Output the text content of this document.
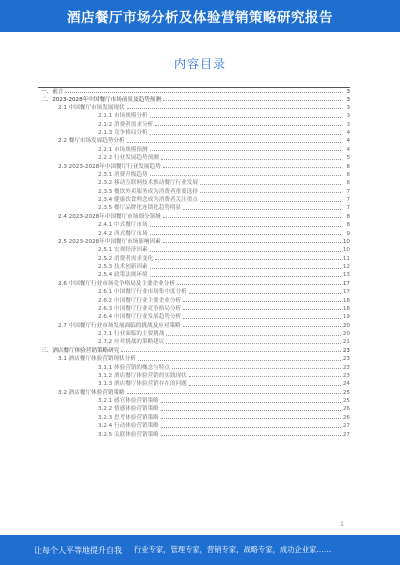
酒店餐厅市场分析及体验营销策略研究报告
内容目录
一、前言	3
二、2023-2028年中国餐厅市场前景及趋势预测	3
2.1 中国餐厅市场发展现状	3
2.1.1 市场规模分析	3
2.1.2 消费者需求分析	3
2.1.3 竞争格局分析	4
2.2 餐厅市场发展趋势分析	4
2.2.1 市场规模预测	4
2.2.2 行业发展趋势预测	5
2.3 2023-2028年中国餐厅行业发展趋势	6
2.3.1 消费升级趋势	6
2.3.2 移动互联网技术推动餐厅行业发展	6
2.3.3 餐饮外卖服务成为消费者重要选择	7
2.3.4 健康饮食理念成为消费者关注重点	7
2.3.5 餐厅品牌化连锁化趋势明显	7
2.4 2023-2028年中国餐厅市场细分领域	8
2.4.1 中式餐厅市场	8
2.4.2 西式餐厅市场	9
2.5 2023-2028年中国餐厅市场影响因素	10
2.5.1 宏观经济因素	10
2.5.2 消费者需求变化	11
2.5.3 技术创新因素	12
2.5.4 政策法规环境	13
2.6 中国餐厅行业市场竞争格局及主要企业分析	17
2.6.1 中国餐厅行业市场集中度分析	17
2.6.2 中国餐厅行业主要企业分析	18
2.6.3 中国餐厅行业竞争格局分析	18
2.6.4 中国餐厅行业发展趋势分析	19
2.7 中国餐厅行业市场发展面临的挑战及应对策略	20
2.7.1 行业面临的主要挑战	20
2.7.2 应对挑战的策略建议	21
三、酒店餐厅体验营销策略研究	23
3.1 酒店餐厅体验营销现状分析	23
3.1.1 体验营销的概念与特点	23
3.1.2 酒店餐厅体验营销的实践现状	23
3.1.3 酒店餐厅体验营销存在的问题	24
3.2 酒店餐厅体验营销策略	25
3.2.1 感官体验营销策略	25
3.2.2 情感体验营销策略	26
3.2.3 思考体验营销策略	26
3.2.4 行动体验营销策略	27
3.2.5 关联体验营销策略	27
1
让每个人平等地提升自我	行业专家，管理专家，营销专家，战略专家，成功企业家……
